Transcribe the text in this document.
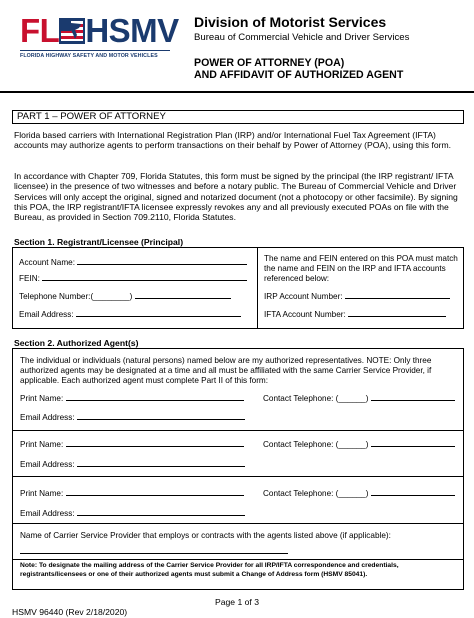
FL HSMV
FLORIDA HIGHWAY SAFETY AND MOTOR VEHICLES
Division of Motorist Services
Bureau of Commercial Vehicle and Driver Services
POWER OF ATTORNEY (POA)
AND AFFIDAVIT OF AUTHORIZED AGENT
PART 1 – POWER OF ATTORNEY
Florida based carriers with International Registration Plan (IRP) and/or International Fuel Tax Agreement (IFTA) accounts may authorize agents to perform transactions on their behalf by Power of Attorney (POA), using this form.
In accordance with Chapter 709, Florida Statutes, this form must be signed by the principal (the IRP registrant/ IFTA licensee) in the presence of two witnesses and before a notary public. The Bureau of Commercial Vehicle and Driver Services will only accept the original, signed and notarized document (not a photocopy or other facsimile). By signing this POA, the IRP registrant/IFTA licensee expressly revokes any and all previously executed POAs on file with the Bureau, as provided in Section 709.2110, Florida Statutes.
Section 1. Registrant/Licensee (Principal)
Account Name:
FEIN:
Telephone Number:(________)
Email Address:
The name and FEIN entered on this POA must match the name and FEIN on the IRP and IFTA accounts referenced below:
IRP Account Number:
IFTA Account Number:
Section 2. Authorized Agent(s)
The individual or individuals (natural persons) named below are my authorized representatives. NOTE: Only three authorized agents may be designated at a time and all must be affiliated with the same Carrier Service Provider, if applicable. Each authorized agent must complete Part II of this form:
Print Name:	Contact Telephone: (______)
Email Address:
Print Name:	Contact Telephone: (______)
Email Address:
Print Name:	Contact Telephone: (______)
Email Address:
Name of Carrier Service Provider that employs or contracts with the agents listed above (if applicable):
Note: To designate the mailing address of the Carrier Service Provider for all IRP/IFTA correspondence and credentials, registrants/licensees or one of their authorized agents must submit a Change of Address form (HSMV 85041).
Page 1 of 3
HSMV 96440 (Rev 2/18/2020)
